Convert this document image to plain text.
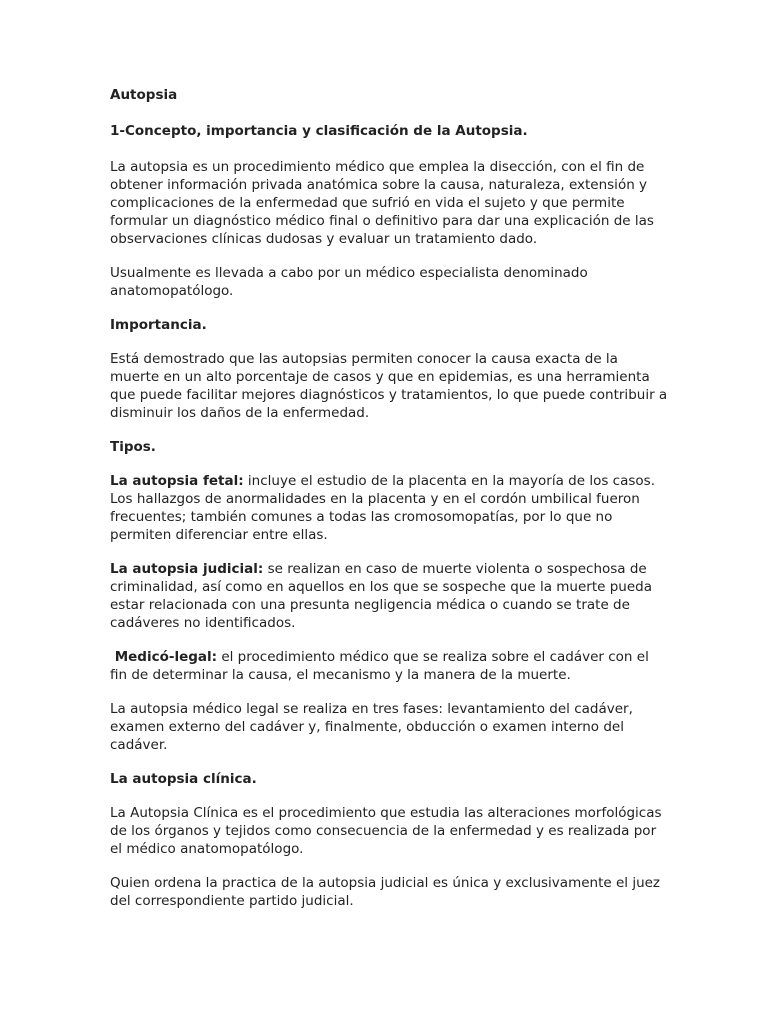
Autopsia

1-Concepto, importancia y clasificación de la Autopsia.

La autopsia es un procedimiento médico que emplea la disección, con el fin de obtener información privada anatómica sobre la causa, naturaleza, extensión y complicaciones de la enfermedad que sufrió en vida el sujeto y que permite formular un diagnóstico médico final o definitivo para dar una explicación de las observaciones clínicas dudosas y evaluar un tratamiento dado.

Usualmente es llevada a cabo por un médico especialista denominado anatomopatólogo.

Importancia.

Está demostrado que las autopsias permiten conocer la causa exacta de la muerte en un alto porcentaje de casos y que en epidemias, es una herramienta que puede facilitar mejores diagnósticos y tratamientos, lo que puede contribuir a disminuir los daños de la enfermedad.

Tipos.

La autopsia fetal: incluye el estudio de la placenta en la mayoría de los casos. Los hallazgos de anormalidades en la placenta y en el cordón umbilical fueron frecuentes; también comunes a todas las cromosomopatías, por lo que no permiten diferenciar entre ellas.

La autopsia judicial: se realizan en caso de muerte violenta o sospechosa de criminalidad, así como en aquellos en los que se sospeche que la muerte pueda estar relacionada con una presunta negligencia médica o cuando se trate de cadáveres no identificados.

Medicó-legal: el procedimiento médico que se realiza sobre el cadáver con el fin de determinar la causa, el mecanismo y la manera de la muerte.

La autopsia médico legal se realiza en tres fases: levantamiento del cadáver, examen externo del cadáver y, finalmente, obducción o examen interno del cadáver.

La autopsia clínica.

La Autopsia Clínica es el procedimiento que estudia las alteraciones morfológicas de los órganos y tejidos como consecuencia de la enfermedad y es realizada por el médico anatomopatólogo.

Quien ordena la practica de la autopsia judicial es única y exclusivamente el juez del correspondiente partido judicial.
